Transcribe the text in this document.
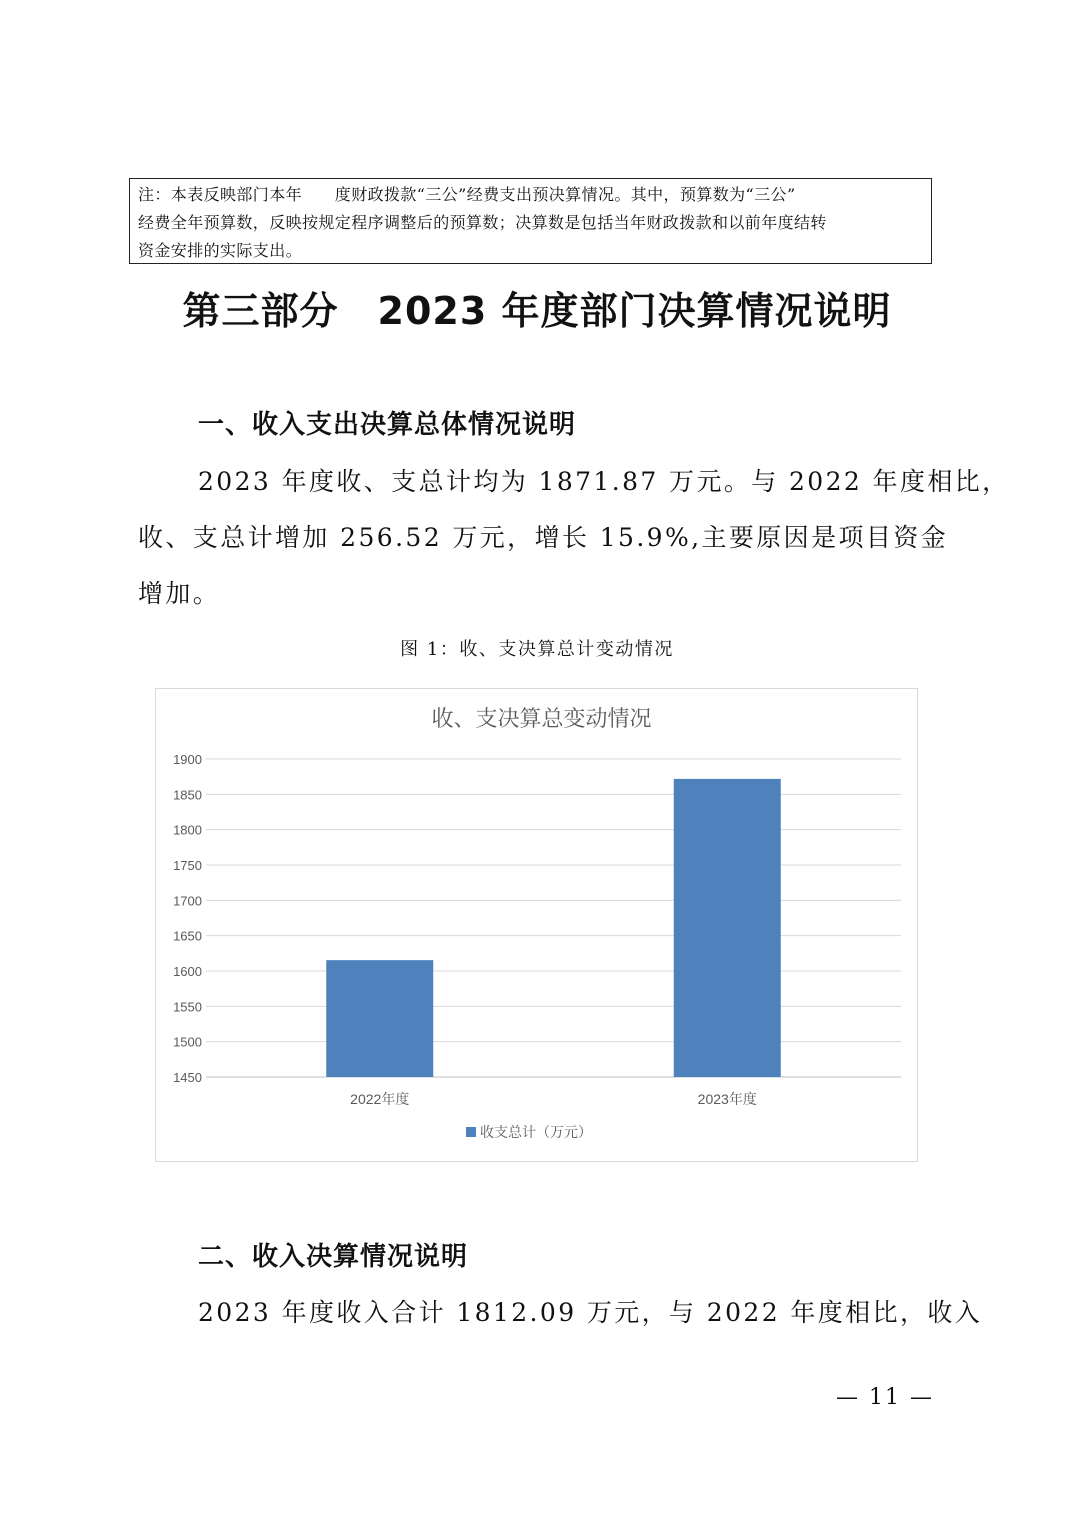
注：本表反映部门本年　　度财政拨款“三公”经费支出预决算情况。其中，预算数为“三公”
经费全年预算数，反映按规定程序调整后的预算数；决算数是包括当年财政拨款和以前年度结转
资金安排的实际支出。
第三部分　2023 年度部门决算情况说明
一、收入支出决算总体情况说明
2023 年度收、支总计均为 1871.87 万元。与 2022 年度相比，
收、支总计增加 256.52 万元，增长 15.9%,主要原因是项目资金
增加。
图 1：收、支决算总计变动情况
收、支决算总变动情况
1450
1500
1550
1600
1650
1700
1750
1800
1850
1900
2022年度	2023年度
收支总计（万元）
二、收入决算情况说明
2023 年度收入合计 1812.09 万元，与 2022 年度相比，收入
— 11 —
